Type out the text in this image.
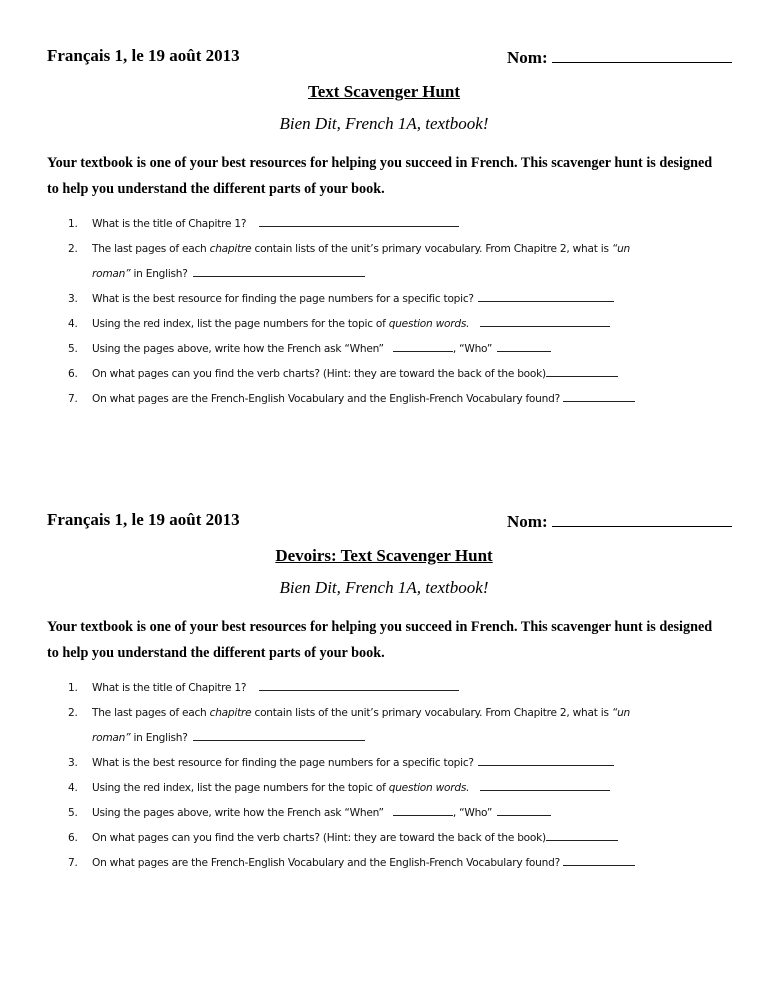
Français 1, le 19 août 2013	Nom:
Text Scavenger Hunt
Bien Dit, French 1A, textbook!
Your textbook is one of your best resources for helping you succeed in French. This scavenger hunt is designed to help you understand the different parts of your book.
1. What is the title of Chapitre 1?
2. The last pages of each chapitre contain lists of the unit’s primary vocabulary. From Chapitre 2, what is “un
roman” in English?
3. What is the best resource for finding the page numbers for a specific topic?
4. Using the red index, list the page numbers for the topic of question words.
5. Using the pages above, write how the French ask “When”	, “Who”
6. On what pages can you find the verb charts? (Hint: they are toward the back of the book)
7. On what pages are the French-English Vocabulary and the English-French Vocabulary found?
Français 1, le 19 août 2013	Nom:
Devoirs: Text Scavenger Hunt
Bien Dit, French 1A, textbook!
Your textbook is one of your best resources for helping you succeed in French. This scavenger hunt is designed to help you understand the different parts of your book.
1. What is the title of Chapitre 1?
2. The last pages of each chapitre contain lists of the unit’s primary vocabulary. From Chapitre 2, what is “un
roman” in English?
3. What is the best resource for finding the page numbers for a specific topic?
4. Using the red index, list the page numbers for the topic of question words.
5. Using the pages above, write how the French ask “When”	, “Who”
6. On what pages can you find the verb charts? (Hint: they are toward the back of the book)
7. On what pages are the French-English Vocabulary and the English-French Vocabulary found?
